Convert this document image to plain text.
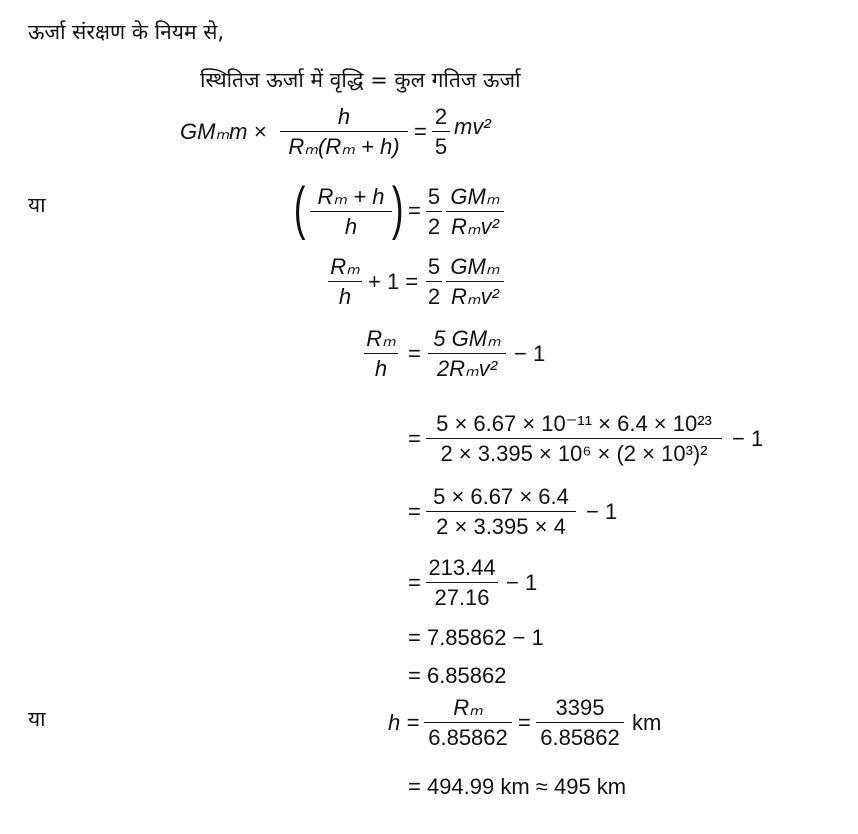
ऊर्जा संरक्षण के नियम से,
स्थितिज ऊर्जा में वृद्धि = कुल गतिज ऊर्जा
GMₘm ×
h
Rₘ(Rₘ + h)
=
2
5
mv²
या	( Rₘ + h
h ) =
5
2
GMₘ
Rₘv²
Rₘ
h
+ 1 =
5
2
GMₘ
Rₘv²
Rₘ
h
=
5 GMₘ
2Rₘv²
− 1
=
5 × 6.67 × 10⁻¹¹ × 6.4 × 10²³
2 × 3.395 × 10⁶ × (2 × 10³)²
− 1
=
5 × 6.67 × 6.4
2 × 3.395 × 4
− 1
=
213.44
27.16
− 1
= 7.85862 − 1
= 6.85862
या	h =
Rₘ
6.85862
=
3395
6.85862
km
= 494.99 km ≈ 495 km
